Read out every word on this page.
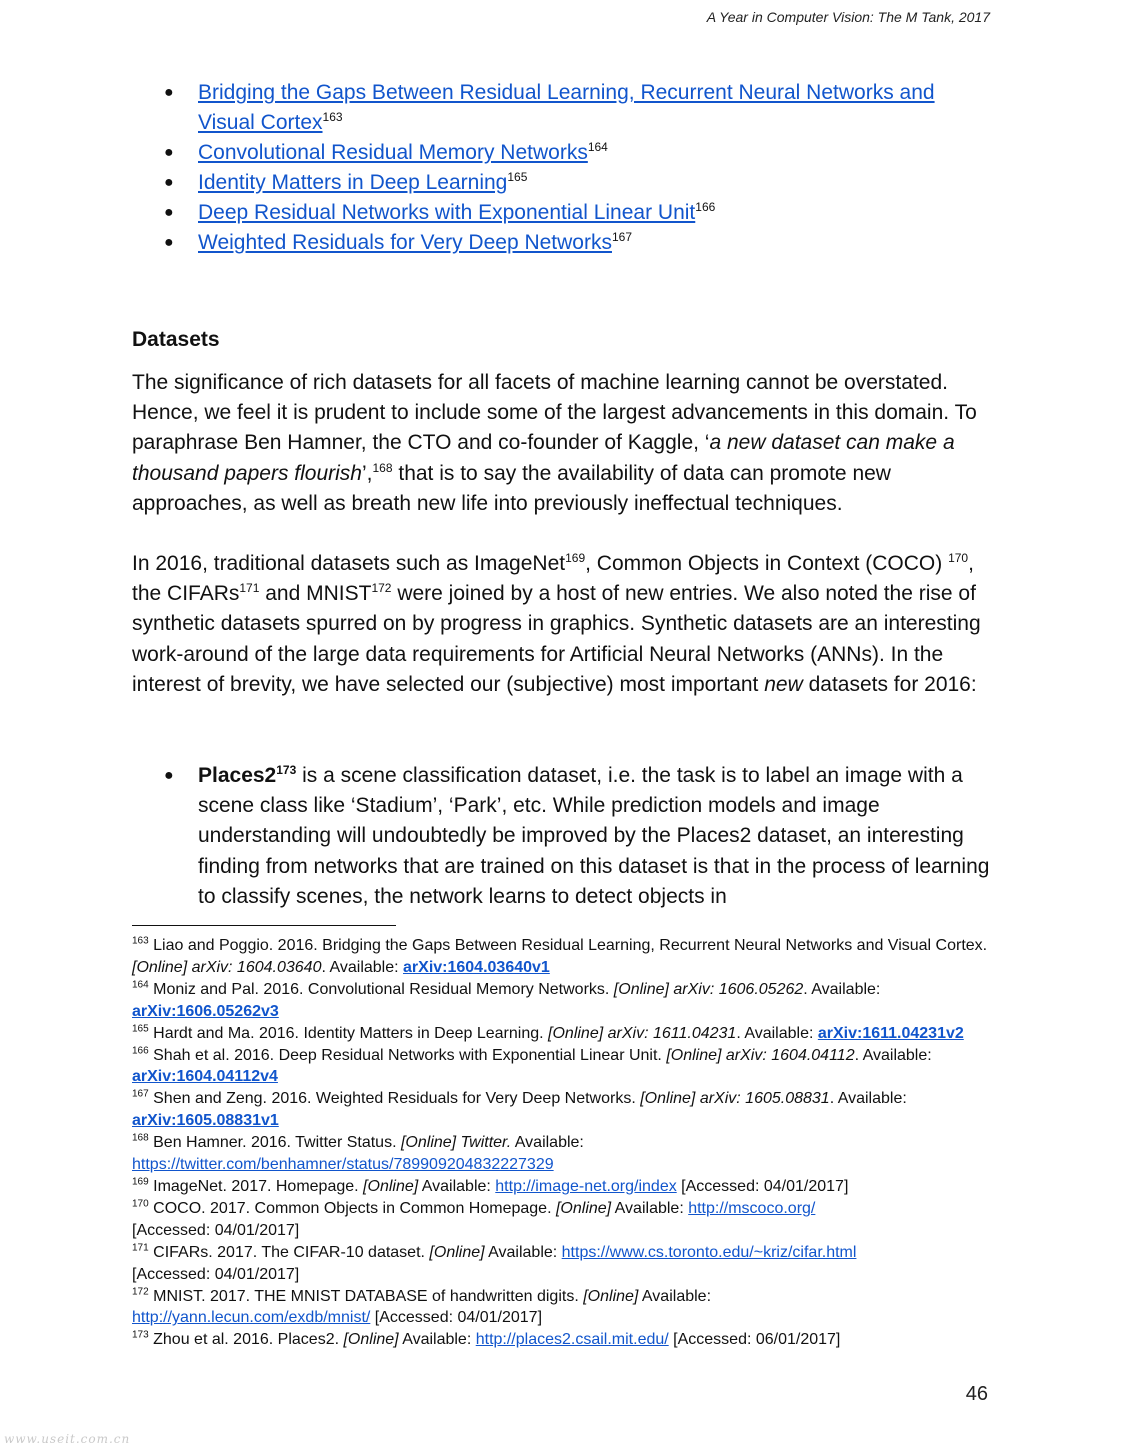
A Year in Computer Vision: The M Tank, 2017
● Bridging the Gaps Between Residual Learning, Recurrent Neural Networks and Visual Cortex$^{163}$
● Convolutional Residual Memory Networks$^{164}$
● Identity Matters in Deep Learning$^{165}$
● Deep Residual Networks with Exponential Linear Unit$^{166}$
● Weighted Residuals for Very Deep Networks$^{167}$
Datasets

The significance of rich datasets for all facets of machine learning cannot be overstated. Hence, we feel it is prudent to include some of the largest advancements in this domain. To paraphrase Ben Hamner, the CTO and co-founder of Kaggle, ‘a new dataset can make a thousand papers flourish’,$^{168}$ that is to say the availability of data can promote new approaches, as well as breath new life into previously ineffectual techniques.

In 2016, traditional datasets such as ImageNet$^{169}$, Common Objects in Context (COCO) $^{170}$, the CIFARs$^{171}$ and MNIST$^{172}$ were joined by a host of new entries. We also noted the rise of synthetic datasets spurred on by progress in graphics. Synthetic datasets are an interesting work-around of the large data requirements for Artificial Neural Networks (ANNs). In the interest of brevity, we have selected our (subjective) most important new datasets for 2016:

● $Places2^{173}$ is a scene classification dataset, i.e. the task is to label an image with a scene class like ‘Stadium’, ‘Park’, etc. While prediction models and image understanding will undoubtedly be improved by the Places2 dataset, an interesting finding from networks that are trained on this dataset is that in the process of learning to classify scenes, the network learns to detect objects in
$^{163}$ Liao and Poggio. 2016. Bridging the Gaps Between Residual Learning, Recurrent Neural Networks and Visual Cortex. [Online] arXiv: 1604.03640. Available: arXiv:1604.03640v1
$^{164}$ Moniz and Pal. 2016. Convolutional Residual Memory Networks. [Online] arXiv: 1606.05262. Available: arXiv:1606.05262v3
$^{165}$ Hardt and Ma. 2016. Identity Matters in Deep Learning. [Online] arXiv: 1611.04231. Available: arXiv:1611.04231v2
$^{166}$ Shah et al. 2016. Deep Residual Networks with Exponential Linear Unit. [Online] arXiv: 1604.04112. Available: arXiv:1604.04112v4
$^{167}$ Shen and Zeng. 2016. Weighted Residuals for Very Deep Networks. [Online] arXiv: 1605.08831. Available: arXiv:1605.08831v1
$^{168}$ Ben Hamner. 2016. Twitter Status. [Online] Twitter. Available:
https://twitter.com/benhamner/status/789909204832227329
$^{169}$ ImageNet. 2017. Homepage. [Online] Available: http://image-net.org/index [Accessed: 04/01/2017]
$^{170}$ COCO. 2017. Common Objects in Common Homepage. [Online] Available: http://mscoco.org/
[Accessed: 04/01/2017]
$^{171}$ CIFARs. 2017. The CIFAR-10 dataset. [Online] Available: https://www.cs.toronto.edu/~kriz/cifar.html
[Accessed: 04/01/2017]
$^{172}$ MNIST. 2017. THE MNIST DATABASE of handwritten digits. [Online] Available:
http://yann.lecun.com/exdb/mnist/ [Accessed: 04/01/2017]
$^{173}$ Zhou et al. 2016. Places2. [Online] Available: http://places2.csail.mit.edu/ [Accessed: 06/01/2017]
46
www.useit.com.cn
